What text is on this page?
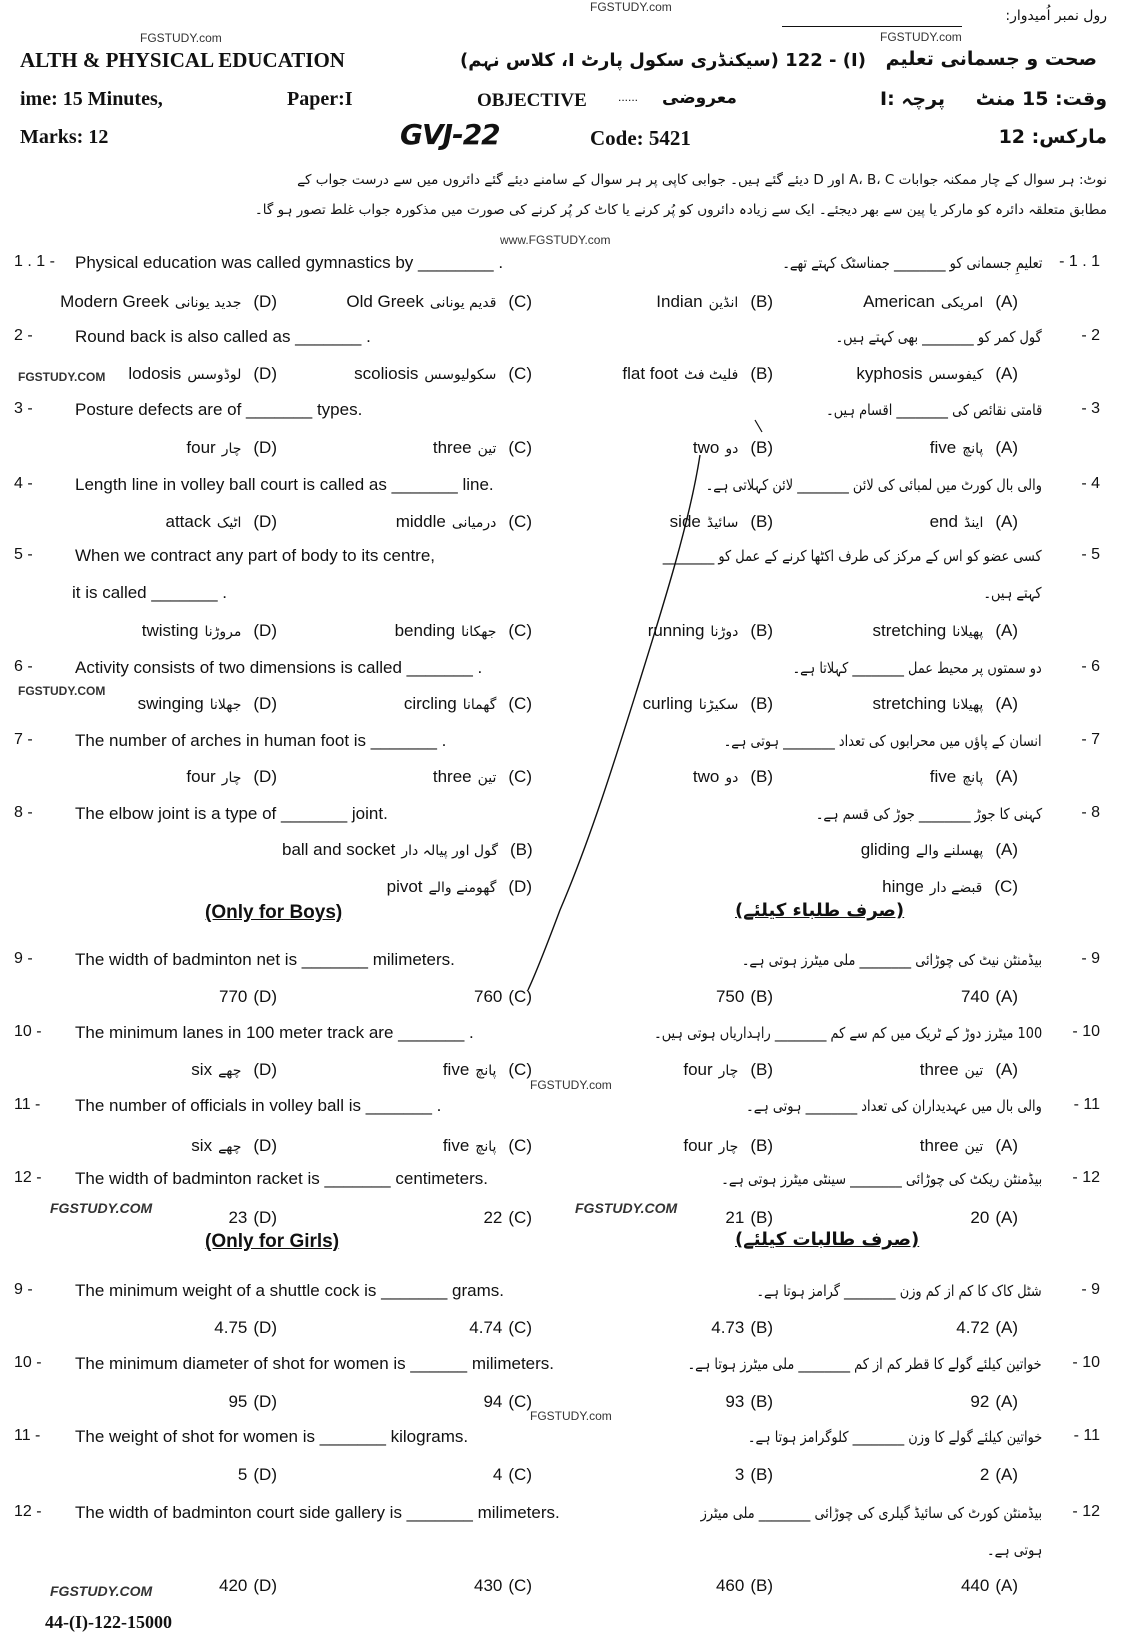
FGSTUDY.com
رول نمبر اُمیدوار:
FGSTUDY.com	FGSTUDY.com
ALTH & PHYSICAL EDUCATION	(I) - 122 (سیکنڈری سکول پارٹ I، کلاس نہم) صحت و جسمانی تعلیم
ime: 15 Minutes,	Paper:I	OBJECTIVE	...... معروضی	پرچہ :I وقت: 15 منٹ
Marks: 12	GVJ-22	Code: 5421	مارکس: 12
نوٹ: ہر سوال کے چار ممکنہ جوابات A، B، C اور D دیئے گئے ہیں۔ جوابی کاپی پر ہر سوال کے سامنے دیئے گئے دائروں میں سے درست جواب کے
مطابق متعلقہ دائرہ کو مارکر یا پین سے بھر دیجئے۔ ایک سے زیادہ دائروں کو پُر کرنے یا کاٹ کر پُر کرنے کی صورت میں مذکورہ جواب غلط تصور ہو گا۔
(Only for Boys)	(صرف طلباء کیلئے)
(Only for Girls)	(صرف طالبات کیلئے)
www.FGSTUDY.com
FGSTUDY.COM
FGSTUDY.COM
FGSTUDY.COM	FGSTUDY.COM
FGSTUDY.com
FGSTUDY.com
FGSTUDY.COM
1 . 1 -	- 1 . 1
Physical education was called gymnastics by ________ .	تعلیمِ جسمانی کو ________ جمناسٹک کہتے تھے۔
Modern Greek جدید یونانی (D)	Old Greek قدیم یونانی (C)	Indian انڈین (B)	American امریکی (A)
2 -	- 2
Round back is also called as _______ .	گول کمر کو ________ بھی کہتے ہیں۔
lodosis لوڈوسس (D)	scoliosis سکولیوسس (C)	flat foot فلیٹ فٹ (B)	kyphosis کیفوسس (A)
3 -	- 3
Posture defects are of _______ types.	قامتی نقائص کی ________ اقسام ہیں۔
four چار (D)	three تین (C)	two دو (B)	five پانچ (A)
4 -	- 4
Length line in volley ball court is called as _______ line.	والی بال کورٹ میں لمبائی کی لائن ________ لائن کہلاتی ہے۔
attack اٹیک (D)	middle درمیانی (C)	side سائیڈ (B)	end اینڈ (A)
5 -	- 5
When we contract any part of body to its centre,
it is called _______ .
کسی عضو کو اس کے مرکز کی طرف اکٹھا کرنے کے عمل کو ________
کہتے ہیں۔
twisting مروڑنا (D)	bending جھکانا (C)	running دوڑنا (B)	stretching پھیلانا (A)
6 -	- 6
Activity consists of two dimensions is called _______ .	دو سمتوں پر محیط عمل ________ کہلاتا ہے۔
swinging جھلانا (D)	circling گھمانا (C)	curling سکیڑنا (B)	stretching پھیلانا (A)
7 -	- 7
The number of arches in human foot is _______ .	انسان کے پاؤں میں محرابوں کی تعداد ________ ہوتی ہے۔
four چار (D)	three تین (C)	two دو (B)	five پانچ (A)
8 -	- 8
The elbow joint is a type of _______ joint.	کہنی کا جوڑ ________ جوڑ کی قسم ہے۔
ball and socket گول اور پیالہ دار (B)	gliding پھسلنے والے (A)
pivot گھومنے والے (D)	hinge قبضے دار (C)
9 -	- 9
The width of badminton net is _______ milimeters.	بیڈمنٹن نیٹ کی چوڑائی ________ ملی میٹرز ہوتی ہے۔
770 (D)	760 (C)	750 (B)	740 (A)
10 -	- 10
The minimum lanes in 100 meter track are _______ .	100 میٹرز دوڑ کے ٹریک میں کم سے کم ________ راہداریاں ہوتی ہیں۔
six چھے (D)	five پانچ (C)	four چار (B)	three تین (A)
11 -	- 11
The number of officials in volley ball is _______ .	والی بال میں عہدیداران کی تعداد ________ ہوتی ہے۔
six چھے (D)	five پانچ (C)	four چار (B)	three تین (A)
12 -	- 12
The width of badminton racket is _______ centimeters.	بیڈمنٹن ریکٹ کی چوڑائی ________ سینٹی میٹرز ہوتی ہے۔
23 (D)	22 (C)	21 (B)	20 (A)
9 -	- 9
The minimum weight of a shuttle cock is _______ grams.	شٹل کاک کا کم از کم وزن ________ گرامز ہوتا ہے۔
4.75 (D)	4.74 (C)	4.73 (B)	4.72 (A)
10 -	- 10
The minimum diameter of shot for women is ______ milimeters.	خواتین کیلئے گولے کا قطر کم از کم ________ ملی میٹرز ہوتا ہے۔
95 (D)	94 (C)	93 (B)	92 (A)
11 -	- 11
The weight of shot for women is _______ kilograms.	خواتین کیلئے گولے کا وزن ________ کلوگرامز ہوتا ہے۔
5 (D)	4 (C)	3 (B)	2 (A)
12 -	- 12
The width of badminton court side gallery is _______ milimeters.	بیڈمنٹن کورٹ کی سائیڈ گیلری کی چوڑائی ________ ملی میٹرز
ہوتی ہے۔
420 (D)	430 (C)	460 (B)	440 (A)
44-(I)-122-15000
